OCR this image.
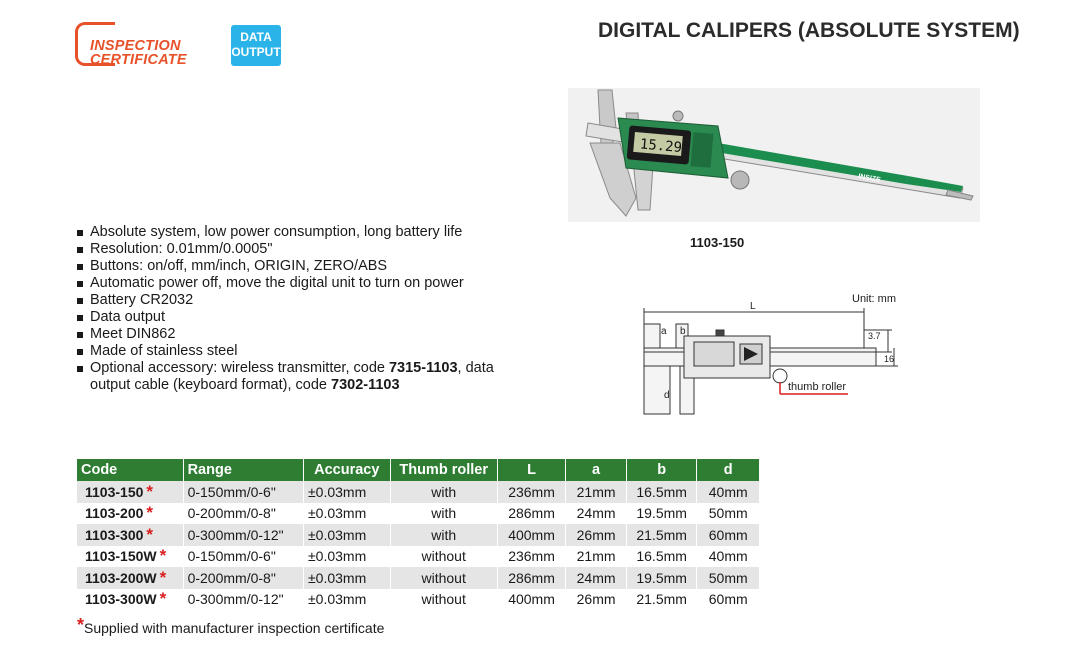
INSPECTION
CERTIFICATE
DATA
OUTPUT
DIGITAL CALIPERS (ABSOLUTE SYSTEM)
INSIZE
15.29
1103-150
Absolute system, low power consumption, long battery life
Resolution: 0.01mm/0.0005"
Buttons: on/off, mm/inch, ORIGIN, ZERO/ABS
Automatic power off, move the digital unit to turn on power
Battery CR2032
Data output
Meet DIN862
Made of stainless steel
Optional accessory: wireless transmitter, code 7315-1103, data output cable (keyboard format), code 7302-1103
Unit: mm
L
a b
d
3.7
16
thumb roller
Code	Range	Accuracy	Thumb roller	L	a	b	d
1103-150 *	0-150mm/0-6"	±0.03mm	with	236mm	21mm	16.5mm	40mm
1103-200 *	0-200mm/0-8"	±0.03mm	with	286mm	24mm	19.5mm	50mm
1103-300 *	0-300mm/0-12"	±0.03mm	with	400mm	26mm	21.5mm	60mm
1103-150W *	0-150mm/0-6"	±0.03mm	without	236mm	21mm	16.5mm	40mm
1103-200W *	0-200mm/0-8"	±0.03mm	without	286mm	24mm	19.5mm	50mm
1103-300W *	0-300mm/0-12"	±0.03mm	without	400mm	26mm	21.5mm	60mm
*Supplied with manufacturer inspection certificate
